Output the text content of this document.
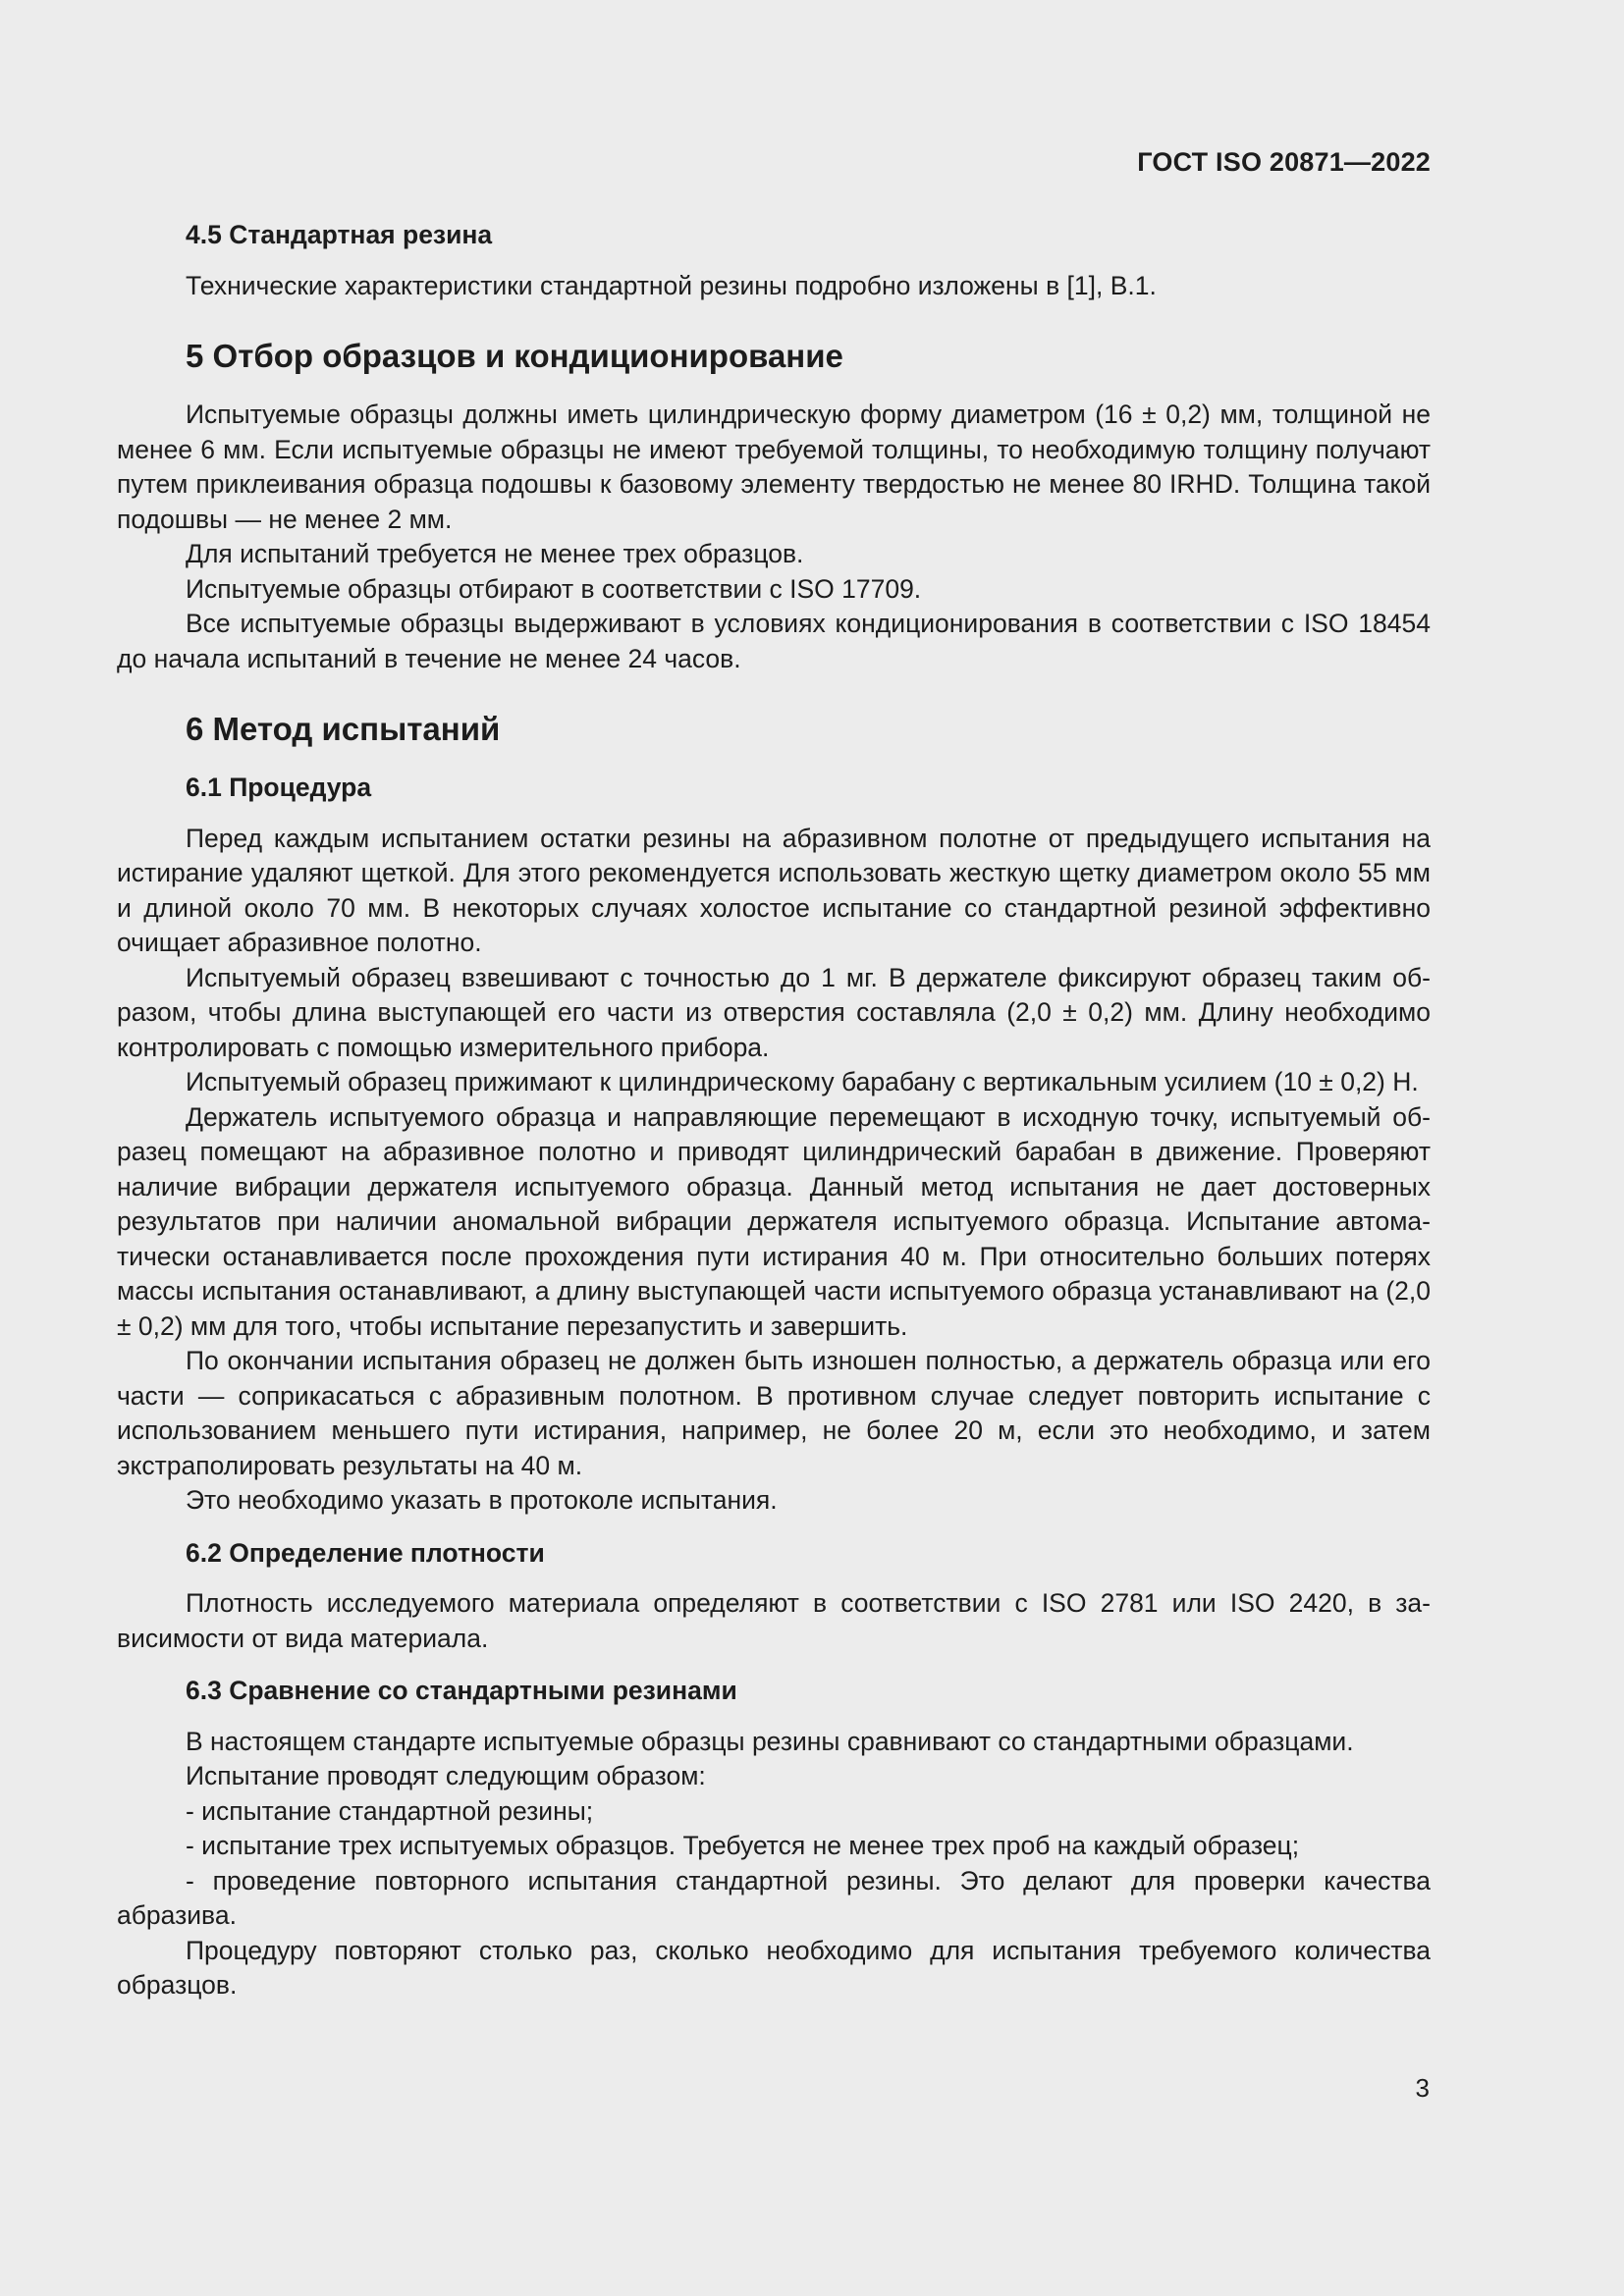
ГОСТ ISO 20871—2022
4.5 Стандартная резина

Технические характеристики стандартной резины подробно изложены в [1], В.1.

5 Отбор образцов и кондиционирование

Испытуемые образцы должны иметь цилиндрическую форму диаметром (16 ± 0,2) мм, толщиной не менее 6 мм. Если испытуемые образцы не имеют требуемой толщины, то необходимую толщину получают путем приклеивания образца подошвы к базовому элементу твердостью не менее 80 IRHD. Толщина такой подошвы — не менее 2 мм.

Для испытаний требуется не менее трех образцов.

Испытуемые образцы отбирают в соответствии с ISO 17709.

Все испытуемые образцы выдерживают в условиях кондиционирования в соответствии с ISO 18454 до начала испытаний в течение не менее 24 часов.

6 Метод испытаний
6.1 Процедура

Перед каждым испытанием остатки резины на абразивном полотне от предыдущего испытания на истирание удаляют щеткой. Для этого рекомендуется использовать жесткую щетку диаметром около 55 мм и длиной около 70 мм. В некоторых случаях холостое испытание со стандартной резиной эффективно очищает абразивное полотно.

Испытуемый образец взвешивают с точностью до 1 мг. В держателе фиксируют образец таким образом, чтобы длина выступающей его части из отверстия составляла (2,0 ± 0,2) мм. Длину необходимо контролировать с помощью измерительного прибора.

Испытуемый образец прижимают к цилиндрическому барабану с вертикальным усилием (10 ± 0,2) Н.

Держатель испытуемого образца и направляющие перемещают в исходную точку, испытуемый образец помещают на абразивное полотно и приводят цилиндрический барабан в движение. Проверяют наличие вибрации держателя испытуемого образца. Данный метод испытания не дает достоверных результатов при наличии аномальной вибрации держателя испытуемого образца. Испытание автоматически останавливается после прохождения пути истирания 40 м. При относительно больших потерях массы испытания останавливают, а длину выступающей части испытуемого образца устанавливают на (2,0 ± 0,2) мм для того, чтобы испытание перезапустить и завершить.

По окончании испытания образец не должен быть изношен полностью, а держатель образца или его части — соприкасаться с абразивным полотном. В противном случае следует повторить испытание с использованием меньшего пути истирания, например, не более 20 м, если это необходимо, и затем экстраполировать результаты на 40 м.

Это необходимо указать в протоколе испытания.

6.2 Определение плотности

Плотность исследуемого материала определяют в соответствии с ISO 2781 или ISO 2420, в зависимости от вида материала.

6.3 Сравнение со стандартными резинами

В настоящем стандарте испытуемые образцы резины сравнивают со стандартными образцами.

Испытание проводят следующим образом:

- испытание стандартной резины;

- испытание трех испытуемых образцов. Требуется не менее трех проб на каждый образец;

- проведение повторного испытания стандартной резины. Это делают для проверки качества абразива.

Процедуру повторяют столько раз, сколько необходимо для испытания требуемого количества образцов.

3
